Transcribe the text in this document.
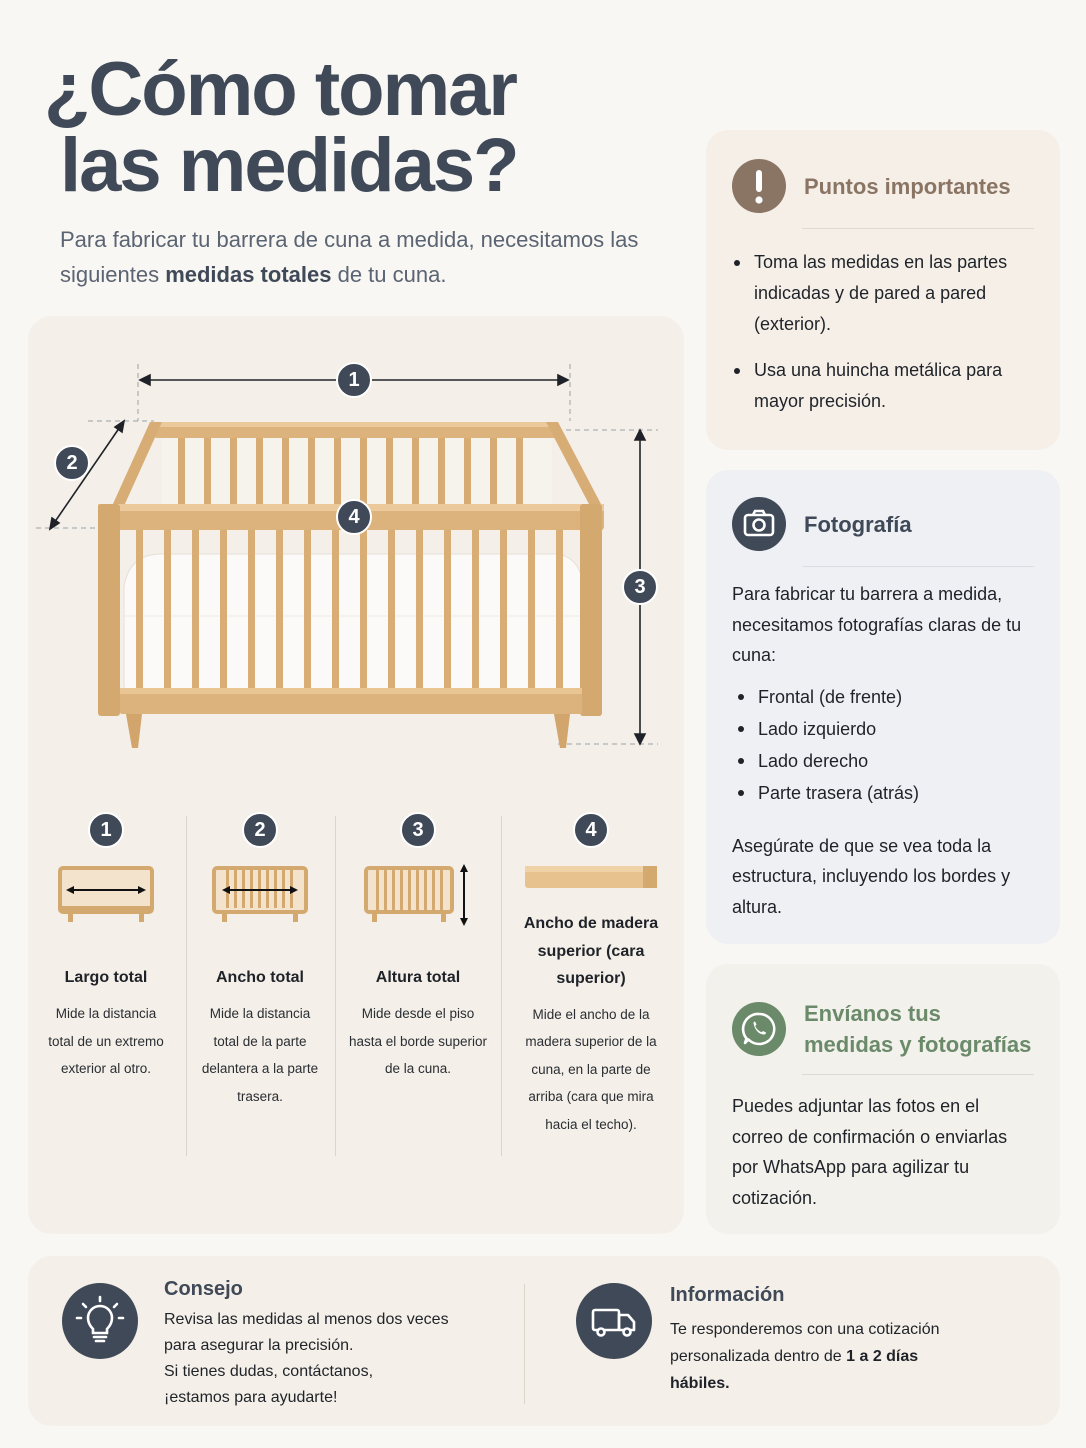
¿Cómo tomar
las medidas?
Para fabricar tu barrera de cuna a medida, necesitamos las siguientes medidas totales de tu cuna.
1
2
3
4
1
Largo total
Mide la distancia total de un extremo exterior al otro.
2
Ancho total
Mide la distancia total de la parte delantera a la parte trasera.
3
Altura total
Mide desde el piso hasta el borde superior de la cuna.
4
Ancho de madera superior (cara superior)
Mide el ancho de la madera superior de la cuna, en la parte de arriba (cara que mira hacia el techo).
Puntos importantes
Toma las medidas en las partes indicadas y de pared a pared (exterior).
Usa una huincha metálica para mayor precisión.
Fotografía
Para fabricar tu barrera a medida, necesitamos fotografías claras de tu cuna:
Frontal (de frente)
Lado izquierdo
Lado derecho
Parte trasera (atrás)
Asegúrate de que se vea toda la estructura, incluyendo los bordes y altura.
Envíanos tus medidas y fotografías
Puedes adjuntar las fotos en el correo de confirmación o enviarlas por WhatsApp para agilizar tu cotización.
Consejo
Revisa las medidas al menos dos veces
para asegurar la precisión.
Si tienes dudas, contáctanos,
¡estamos para ayudarte!
Información
Te responderemos con una cotización
personalizada dentro de 1 a 2 días
hábiles.
